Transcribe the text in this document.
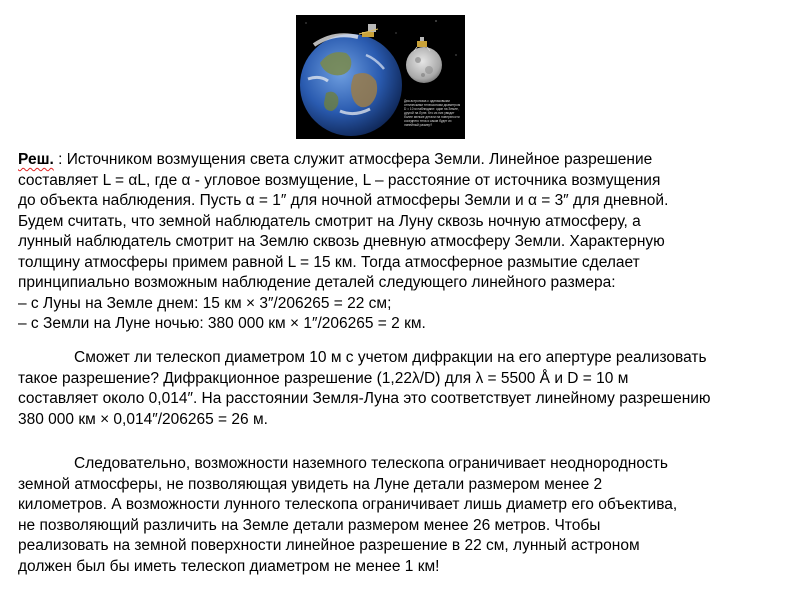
Два астронома с одинаковыми оптическими телескопами диаметром D = 10 м наблюдают: один на Земле, другой на Луне. Кто из них увидит более мелкие детали на поверхности соседнего тела и каков будет их линейный размер?
Реш. : Источником возмущения света служит атмосфера Земли. Линейное разрешение
составляет L = αL, где α - угловое возмущение, L – расстояние от источника возмущения
до объекта наблюдения. Пусть α = 1″ для ночной атмосферы Земли и α = 3″ для дневной.
Будем считать, что земной наблюдатель смотрит на Луну сквозь ночную атмосферу, а
лунный наблюдатель смотрит на Землю сквозь дневную атмосферу Земли. Характерную
толщину атмосферы примем равной L = 15 км. Тогда атмосферное размытие сделает
принципиально возможным наблюдение деталей следующего линейного размера:
– с Луны на Земле днем: 15 км × 3″/206265 = 22 см;
– с Земли на Луне ночью: 380 000 км × 1″/206265 = 2 км.
Сможет ли телескоп диаметром 10 м с учетом дифракции на его апертуре реализовать
такое разрешение? Дифракционное разрешение (1,22λ/D) для λ = 5500 Å и D = 10 м
составляет около 0,014″. На расстоянии Земля-Луна это соответствует линейному разрешению
380 000 км × 0,014″/206265 = 26 м.
Следовательно, возможности наземного телескопа ограничивает неоднородность
земной атмосферы, не позволяющая увидеть на Луне детали размером менее 2
километров. А возможности лунного телескопа ограничивает лишь диаметр его объектива,
не позволяющий различить на Земле детали размером менее 26 метров. Чтобы
реализовать на земной поверхности линейное разрешение в 22 см, лунный астроном
должен был бы иметь телескоп диаметром не менее 1 км!
